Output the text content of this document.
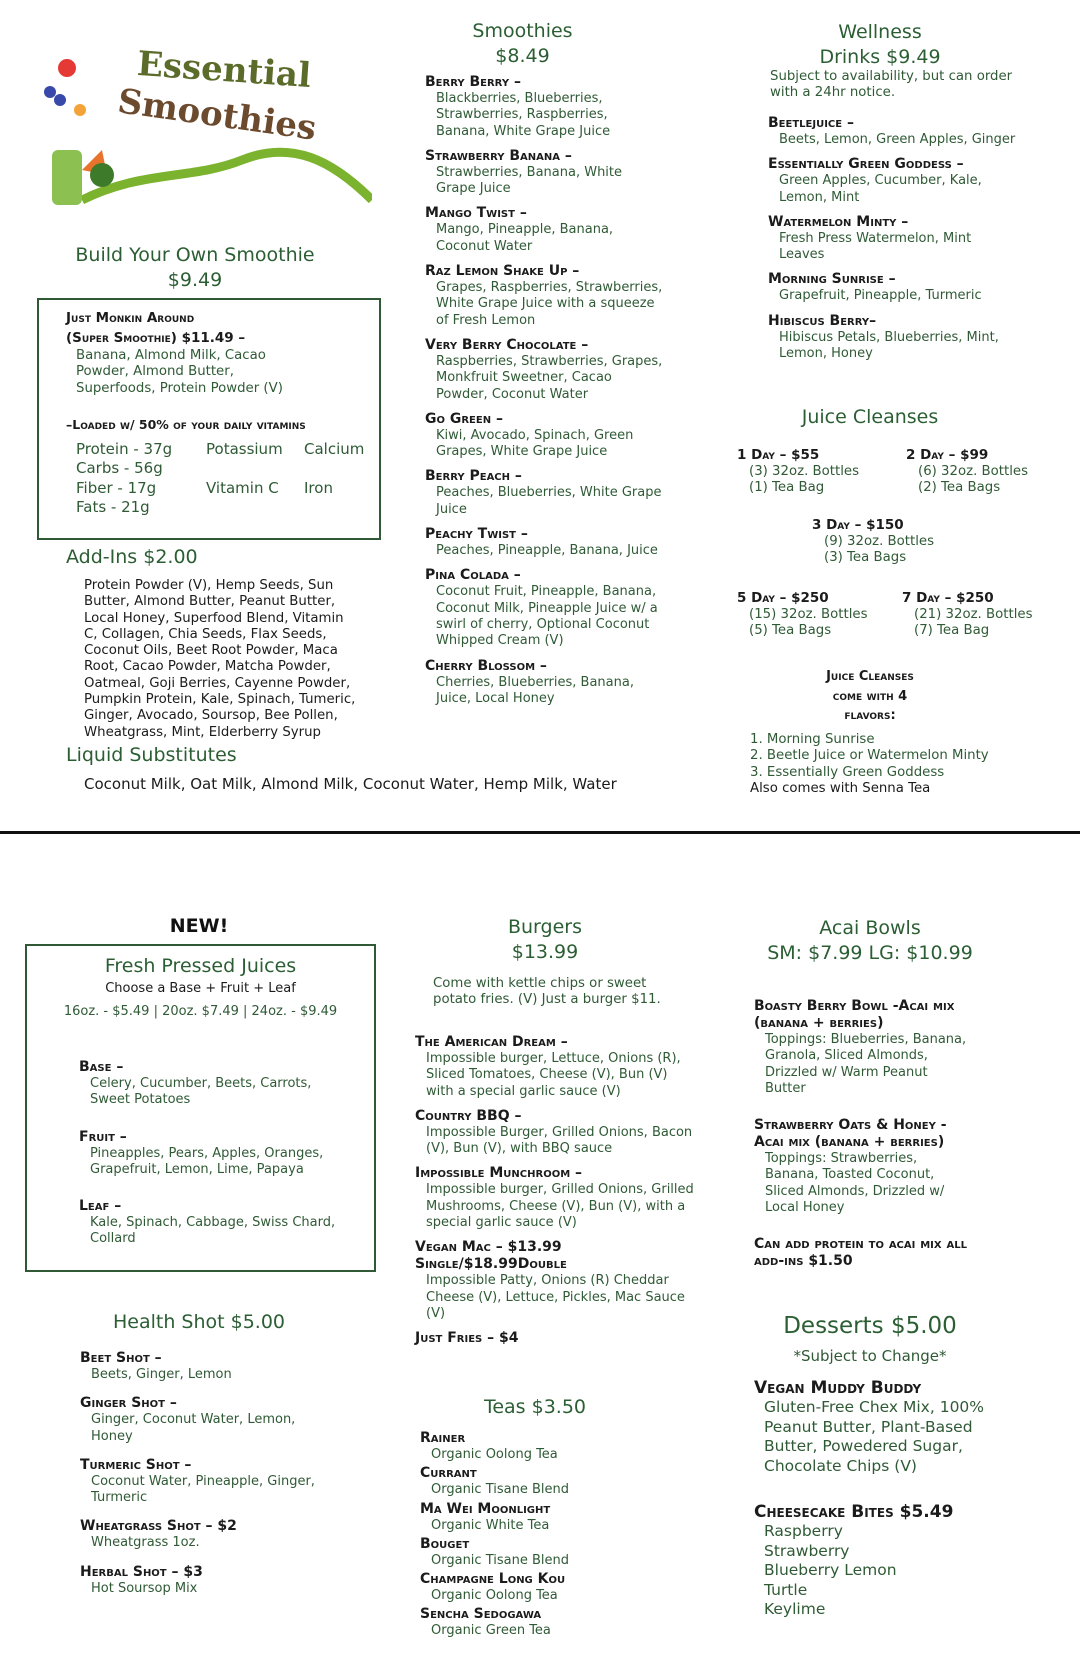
Essential
Smoothies
Build Your Own Smoothie
$9.49
Just Monkin Around
(Super Smoothie) $11.49 –
Banana, Almond Milk, Cacao Powder, Almond Butter, Superfoods, Protein Powder (V)
–Loaded w/ 50% of your daily vitamins
Protein - 37g	Potassium	Calcium
Carbs - 56g

Fiber - 17g	Vitamin C	Iron
Fats - 21g

Add-Ins $2.00
Protein Powder (V), Hemp Seeds, Sun Butter, Almond Butter, Peanut Butter, Local Honey, Superfood Blend, Vitamin C, Collagen, Chia Seeds, Flax Seeds, Coconut Oils, Beet Root Powder, Maca Root, Cacao Powder, Matcha Powder, Oatmeal, Goji Berries, Cayenne Powder, Pumpkin Protein, Kale, Spinach, Tumeric, Ginger, Avocado, Soursop, Bee Pollen, Wheatgrass, Mint, Elderberry Syrup
Liquid Substitutes
Coconut Milk, Oat Milk, Almond Milk, Coconut Water, Hemp Milk, Water
Smoothies
$8.49
Berry Berry –
Blackberries, Blueberries, Strawberries, Raspberries, Banana, White Grape Juice
Strawberry Banana –
Strawberries, Banana, White Grape Juice
Mango Twist –
Mango, Pineapple, Banana, Coconut Water
Raz Lemon Shake Up –
Grapes, Raspberries, Strawberries, White Grape Juice with a squeeze of Fresh Lemon
Very Berry Chocolate –
Raspberries, Strawberries, Grapes, Monkfruit Sweetner, Cacao Powder, Coconut Water
Go Green –
Kiwi, Avocado, Spinach, Green Grapes, White Grape Juice
Berry Peach –
Peaches, Blueberries, White Grape Juice
Peachy Twist –
Peaches, Pineapple, Banana, Juice
Pina Colada –
Coconut Fruit, Pineapple, Banana, Coconut Milk, Pineapple Juice w/ a swirl of cherry, Optional Coconut Whipped Cream (V)
Cherry Blossom –
Cherries, Blueberries, Banana, Juice, Local Honey
Wellness
Drinks $9.49
Subject to availability, but can order with a 24hr notice.
Beetlejuice –
Beets, Lemon, Green Apples, Ginger
Essentially Green Goddess –
Green Apples, Cucumber, Kale, Lemon, Mint
Watermelon Minty –
Fresh Press Watermelon, Mint Leaves
Morning Sunrise –
Grapefruit, Pineapple, Turmeric
Hibiscus Berry–
Hibiscus Petals, Blueberries, Mint, Lemon, Honey
Juice Cleanses
1 Day – $55
(3) 32oz. Bottles
(1) Tea Bag
2 Day – $99
(6) 32oz. Bottles
(2) Tea Bags
3 Day – $150
(9) 32oz. Bottles
(3) Tea Bags
5 Day – $250
(15) 32oz. Bottles
(5) Tea Bags
7 Day – $250
(21) 32oz. Bottles
(7) Tea Bag
Juice Cleanses
come with 4
flavors:
1. Morning Sunrise
2. Beetle Juice or Watermelon Minty
3. Essentially Green Goddess
Also comes with Senna Tea
NEW!
Fresh Pressed Juices
Choose a Base + Fruit + Leaf
16oz. - $5.49 | 20oz. $7.49 | 24oz. - $9.49
Base –
Celery, Cucumber, Beets, Carrots, Sweet Potatoes
Fruit –
Pineapples, Pears, Apples, Oranges, Grapefruit, Lemon, Lime, Papaya
Leaf –
Kale, Spinach, Cabbage, Swiss Chard, Collard
Health Shot $5.00
Beet Shot –
Beets, Ginger, Lemon
Ginger Shot –
Ginger, Coconut Water, Lemon, Honey
Turmeric Shot –
Coconut Water, Pineapple, Ginger, Turmeric
Wheatgrass Shot – $2
Wheatgrass 1oz.
Herbal Shot – $3
Hot Soursop Mix
Burgers
$13.99
Come with kettle chips or sweet potato fries. (V) Just a burger $11.
The American Dream –
Impossible burger, Lettuce, Onions (R), Sliced Tomatoes, Cheese (V), Bun (V) with a special garlic sauce (V)
Country BBQ –
Impossible Burger, Grilled Onions, Bacon (V), Bun (V), with BBQ sauce
Impossible Munchroom –
Impossible burger, Grilled Onions, Grilled Mushrooms, Cheese (V), Bun (V), with a special garlic sauce (V)
Vegan Mac – $13.99 Single/$18.99Double
Impossible Patty, Onions (R) Cheddar Cheese (V), Lettuce, Pickles, Mac Sauce (V)
Just Fries – $4
Teas $3.50
Rainer
Organic Oolong Tea
Currant
Organic Tisane Blend
Ma Wei Moonlight
Organic White Tea
Bouget
Organic Tisane Blend
Champagne Long Kou
Organic Oolong Tea
Sencha Sedogawa
Organic Green Tea
Acai Bowls
SM: $7.99 LG: $10.99
Boasty Berry Bowl -Acai mix (banana + berries)
Toppings: Blueberries, Banana, Granola, Sliced Almonds, Drizzled w/ Warm Peanut Butter
Strawberry Oats & Honey -Acai mix (banana + berries)
Toppings: Strawberries, Banana, Toasted Coconut, Sliced Almonds, Drizzled w/ Local Honey
Can add protein to acai mix all add-ins $1.50
Desserts $5.00
*Subject to Change*
Vegan Muddy Buddy
Gluten-Free Chex Mix, 100% Peanut Butter, Plant-Based Butter, Powedered Sugar, Chocolate Chips (V)
Cheesecake Bites $5.49
Raspberry
Strawberry
Blueberry Lemon
Turtle
Keylime
